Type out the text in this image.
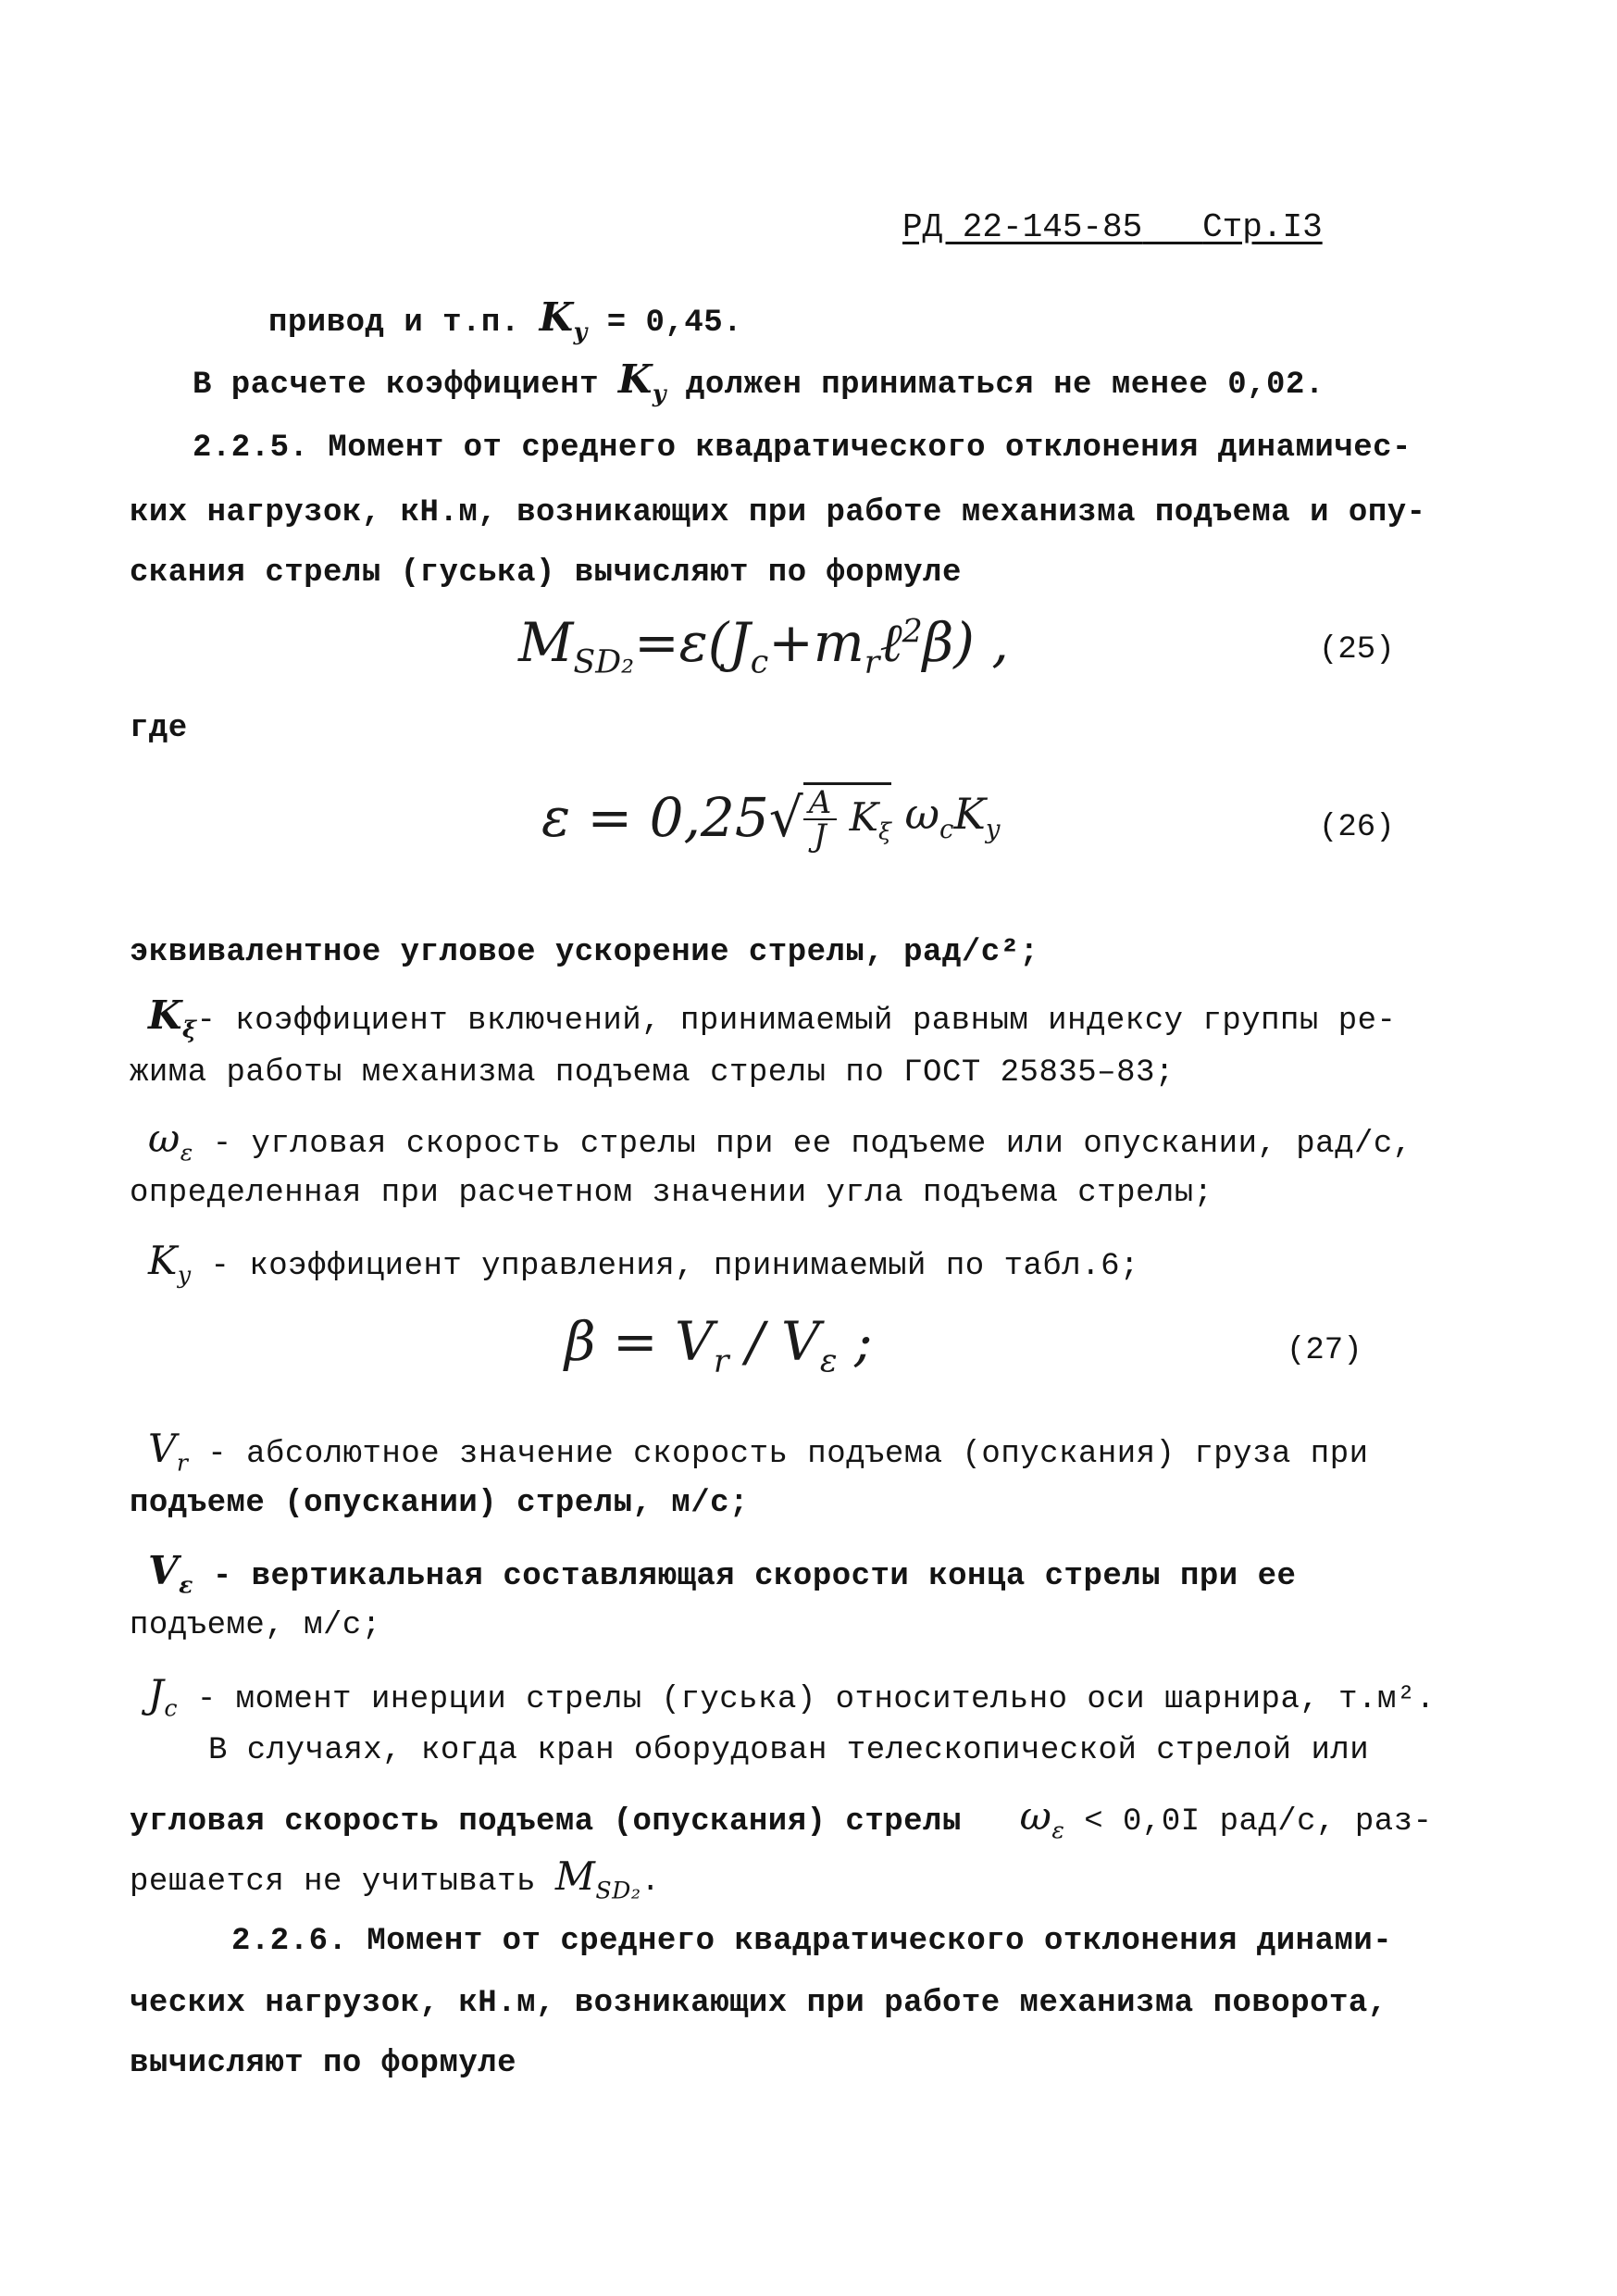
РД 22-145-85 Стр.I3
привод и т.п. $K_y = 0,45$.
В расчете коэффициент $K_y$ должен приниматься не менее 0,02.
2.2.5. Момент от среднего квадратического отклонения динамичес-
ких нагрузок, кН.м, возникающих при работе механизма подъема и опу-
скания стрелы (гуська) вычисляют по формуле
$M_{SD_2}=\varepsilon(J_c+m_r\ell^2\beta)$ ,	(25)
где
ε = 0,25 √ A
J $K_\xi$ $\omega_cK_y$	(26)
эквивалентное угловое ускорение стрелы, рад/с²;
$K_\xi-$ коэффициент включений, принимаемый равным индексу группы ре-
жима работы механизма подъема стрелы по ГОСТ 25835–83;
$\omega_\varepsilon$ - угловая скорость стрелы при ее подъеме или опускании, рад/с,
определенная при расчетном значении угла подъема стрелы;
$K_y$ - коэффициент управления, принимаемый по табл.6;
$\beta = V_r / V_\varepsilon$ ;	(27)
$V_r$ - абсолютное значение скорость подъема (опускания) груза при
подъеме (опускании) стрелы, м/с;
$V_\varepsilon$ - вертикальная составляющая скорости конца стрелы при ее
подъеме, м/с;
$J_c$ - момент инерции стрелы (гуська) относительно оси шарнира, т.м².
В случаях, когда кран оборудован телескопической стрелой или
угловая скорость подъема (опускания) стрелы $\omega_\varepsilon < 0,0I$ рад/с, раз-
решается не учитывать $M_{SD_2}$.
2.2.6. Момент от среднего квадратического отклонения динами-
ческих нагрузок, кН.м, возникающих при работе механизма поворота,
вычисляют по формуле
